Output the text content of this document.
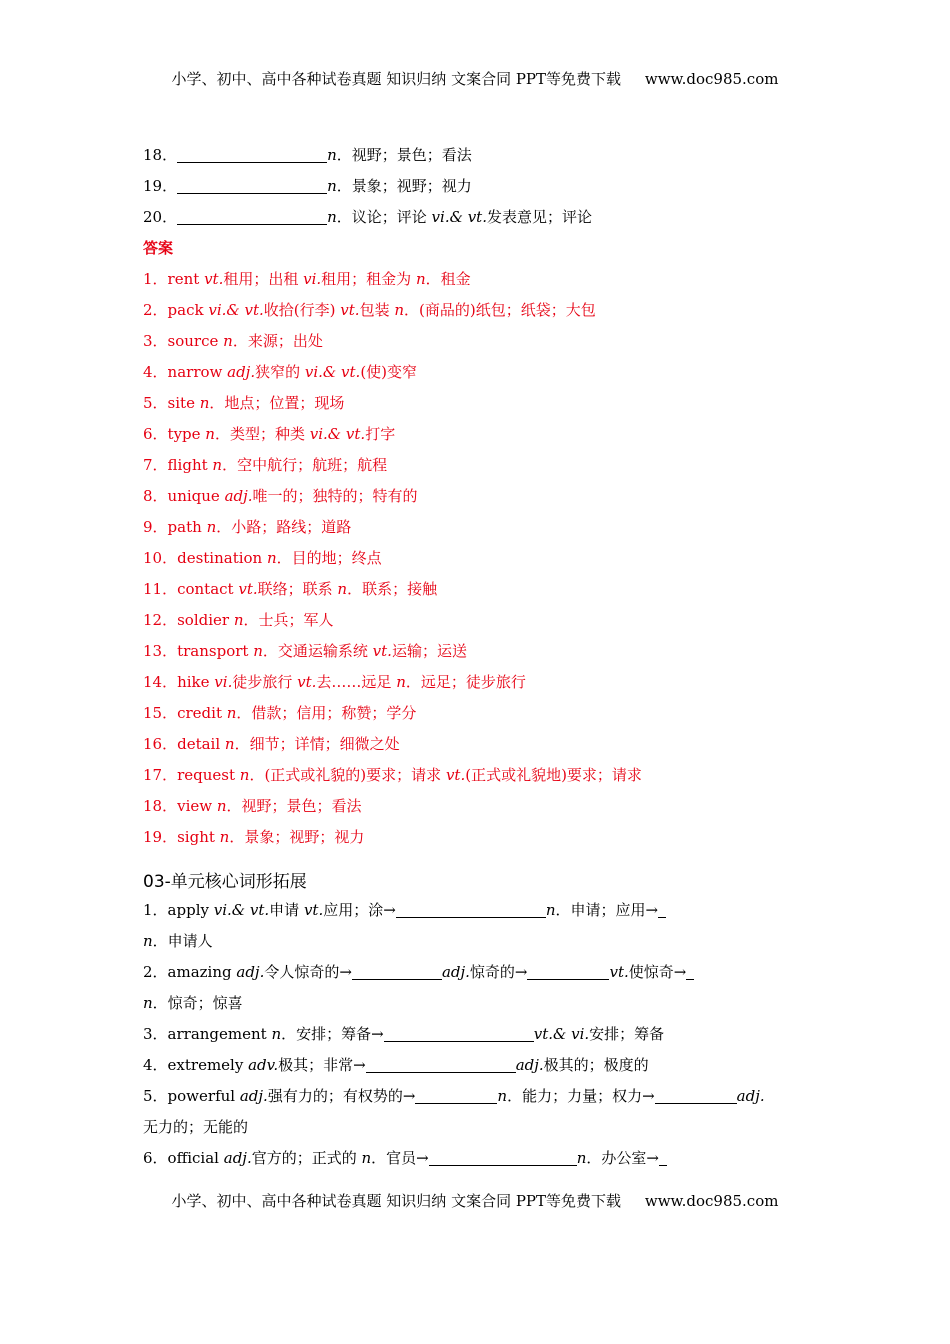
小学、初中、高中各种试卷真题 知识归纳 文案合同 PPT等免费下载     www.doc985.com
18．	n．视野；景色；看法
19．	n．景象；视野；视力
20．	n．议论；评论 vi.& vt.发表意见；评论
答案
1．rent vt.租用；出租 vi.租用；租金为 n．租金
2．pack vi.& vt.收拾(行李) vt.包装 n．(商品的)纸包；纸袋；大包
3．source n．来源；出处
4．narrow adj.狭窄的 vi.& vt.(使)变窄
5．site n．地点；位置；现场
6．type n．类型；种类 vi.& vt.打字
7．flight n．空中航行；航班；航程
8．unique adj.唯一的；独特的；特有的
9．path n．小路；路线；道路
10．destination n．目的地；终点
11．contact vt.联络；联系 n．联系；接触
12．soldier n．士兵；军人
13．transport n．交通运输系统 vt.运输；运送
14．hike vi.徒步旅行 vt.去……远足 n．远足；徒步旅行
15．credit n．借款；信用；称赞；学分
16．detail n．细节；详情；细微之处
17．request n．(正式或礼貌的)要求；请求 vt.(正式或礼貌地)要求；请求
18．view n．视野；景色；看法
19．sight n．景象；视野；视力
03-单元核心词形拓展
1．apply vi.& vt.申请 vt.应用；涂→	n．申请；应用→
n．申请人
2．amazing adj.令人惊奇的→	adj.惊奇的→	vt.使惊奇→
n．惊奇；惊喜
3．arrangement n．安排；筹备→	vt.& vi.安排；筹备
4．extremely adv.极其；非常→	adj.极其的；极度的
5．powerful adj.强有力的；有权势的→	n．能力；力量；权力→	adj.
无力的；无能的
6．official adj.官方的；正式的 n．官员→	n．办公室→
小学、初中、高中各种试卷真题 知识归纳 文案合同 PPT等免费下载     www.doc985.com
